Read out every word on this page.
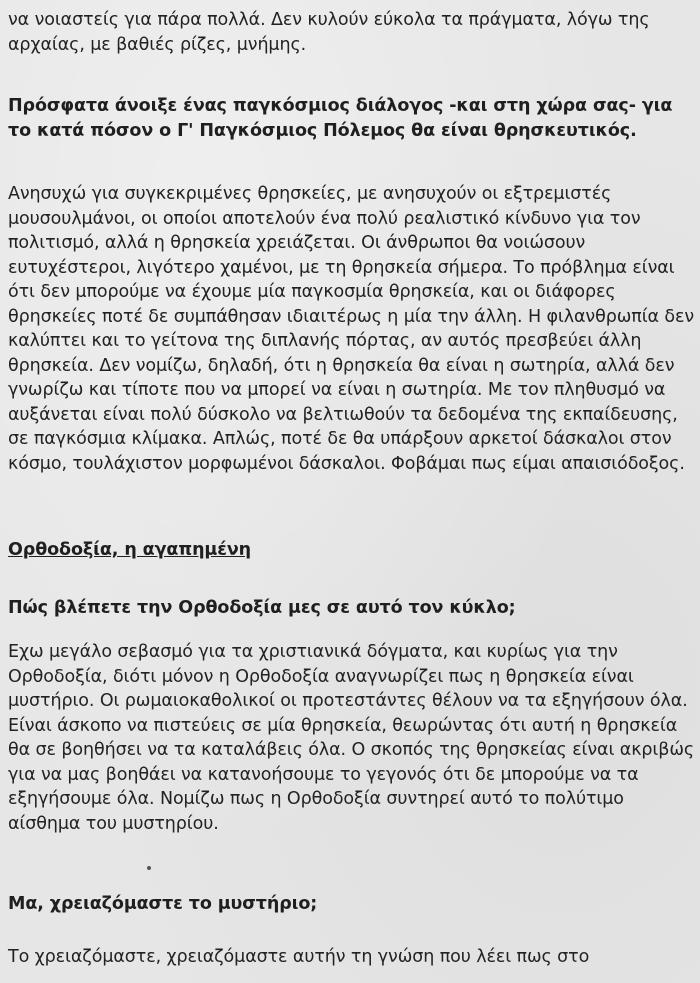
να νοιαστείς για πάρα πολλά. Δεν κυλούν εύκολα τα πράγματα, λόγω της αρχαίας, με βαθιές ρίζες, μνήμης.

Πρόσφατα άνοιξε ένας παγκόσμιος διάλογος -και στη χώρα σας- για το κατά πόσον ο Γ' Παγκόσμιος Πόλεμος θα είναι θρησκευτικός.

Ανησυχώ για συγκεκριμένες θρησκείες, με ανησυχούν οι εξτρεμιστές μουσουλμάνοι, οι οποίοι αποτελούν ένα πολύ ρεαλιστικό κίνδυνο για τον πολιτισμό, αλλά η θρησκεία χρειάζεται. Οι άνθρωποι θα νοιώσουν ευτυχέστεροι, λιγότερο χαμένοι, με τη θρησκεία σήμερα. Το πρόβλημα είναι ότι δεν μπορούμε να έχουμε μία παγκοσμία θρησκεία, και οι διάφορες θρησκείες ποτέ δε συμπάθησαν ιδιαιτέρως η μία την άλλη. Η φιλανθρωπία δεν καλύπτει και το γείτονα της διπλανής πόρτας, αν αυτός πρεσβεύει άλλη θρησκεία. Δεν νομίζω, δηλαδή, ότι η θρησκεία θα είναι η σωτηρία, αλλά δεν γνωρίζω και τίποτε που να μπορεί να είναι η σωτηρία. Με τον πληθυσμό να αυξάνεται είναι πολύ δύσκολο να βελτιωθούν τα δεδομένα της εκπαίδευσης, σε παγκόσμια κλίμακα. Απλώς, ποτέ δε θα υπάρξουν αρκετοί δάσκαλοι στον κόσμο, τουλάχιστον μορφωμένοι δάσκαλοι. Φοβάμαι πως είμαι απαισιόδοξος.

Ορθοδοξία, η αγαπημένη

Πώς βλέπετε την Ορθοδοξία μες σε αυτό τον κύκλο;

Εχω μεγάλο σεβασμό για τα χριστιανικά δόγματα, και κυρίως για την Ορθοδοξία, διότι μόνον η Ορθοδοξία αναγνωρίζει πως η θρησκεία είναι μυστήριο. Οι ρωμαιοκαθολικοί οι προτεστάντες θέλουν να τα εξηγήσουν όλα. Είναι άσκοπο να πιστεύεις σε μία θρησκεία, θεωρώντας ότι αυτή η θρησκεία θα σε βοηθήσει να τα καταλάβεις όλα. Ο σκοπός της θρησκείας είναι ακριβώς για να μας βοηθάει να κατανοήσουμε το γεγονός ότι δε μπορούμε να τα εξηγήσουμε όλα. Νομίζω πως η Ορθοδοξία συντηρεί αυτό το πολύτιμο αίσθημα του μυστηρίου.

Μα, χρειαζόμαστε το μυστήριο;

Το χρειαζόμαστε, χρειαζόμαστε αυτήν τη γνώση που λέει πως στο
